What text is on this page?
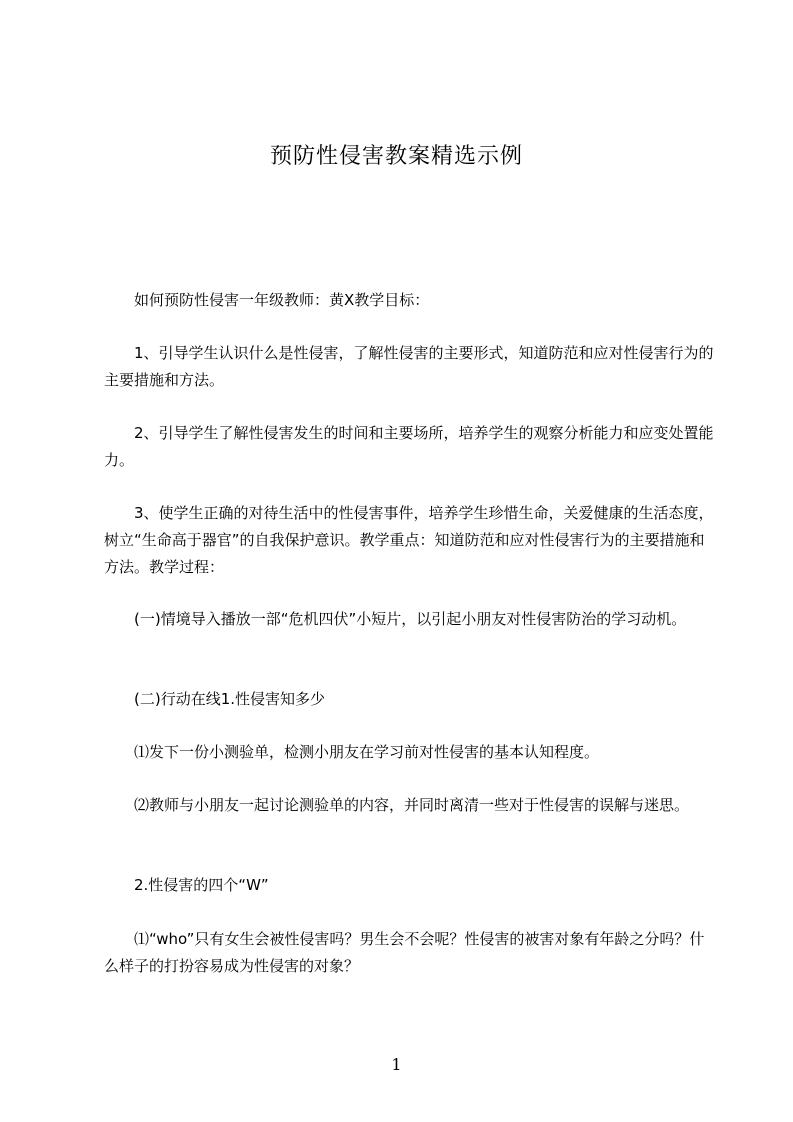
预防性侵害教案精选示例

　　如何预防性侵害一年级教师：黄X教学目标：

　　1、引导学生认识什么是性侵害，了解性侵害的主要形式，知道防范和应对性侵害行为的主要措施和方法。

　　2、引导学生了解性侵害发生的时间和主要场所，培养学生的观察分析能力和应变处置能力。

　　3、使学生正确的对待生活中的性侵害事件，培养学生珍惜生命，关爱健康的生活态度，树立“生命高于器官”的自我保护意识。教学重点：知道防范和应对性侵害行为的主要措施和方法。教学过程：

　　(一)情境导入播放一部“危机四伏”小短片，以引起小朋友对性侵害防治的学习动机。

　　(二)行动在线1.性侵害知多少

　　⑴发下一份小测验单，检测小朋友在学习前对性侵害的基本认知程度。

　　⑵教师与小朋友一起讨论测验单的内容，并同时离清一些对于性侵害的误解与迷思。

　　2.性侵害的四个“W”

　　⑴“who”只有女生会被性侵害吗？男生会不会呢？性侵害的被害对象有年龄之分吗？什么样子的打扮容易成为性侵害的对象？

1
